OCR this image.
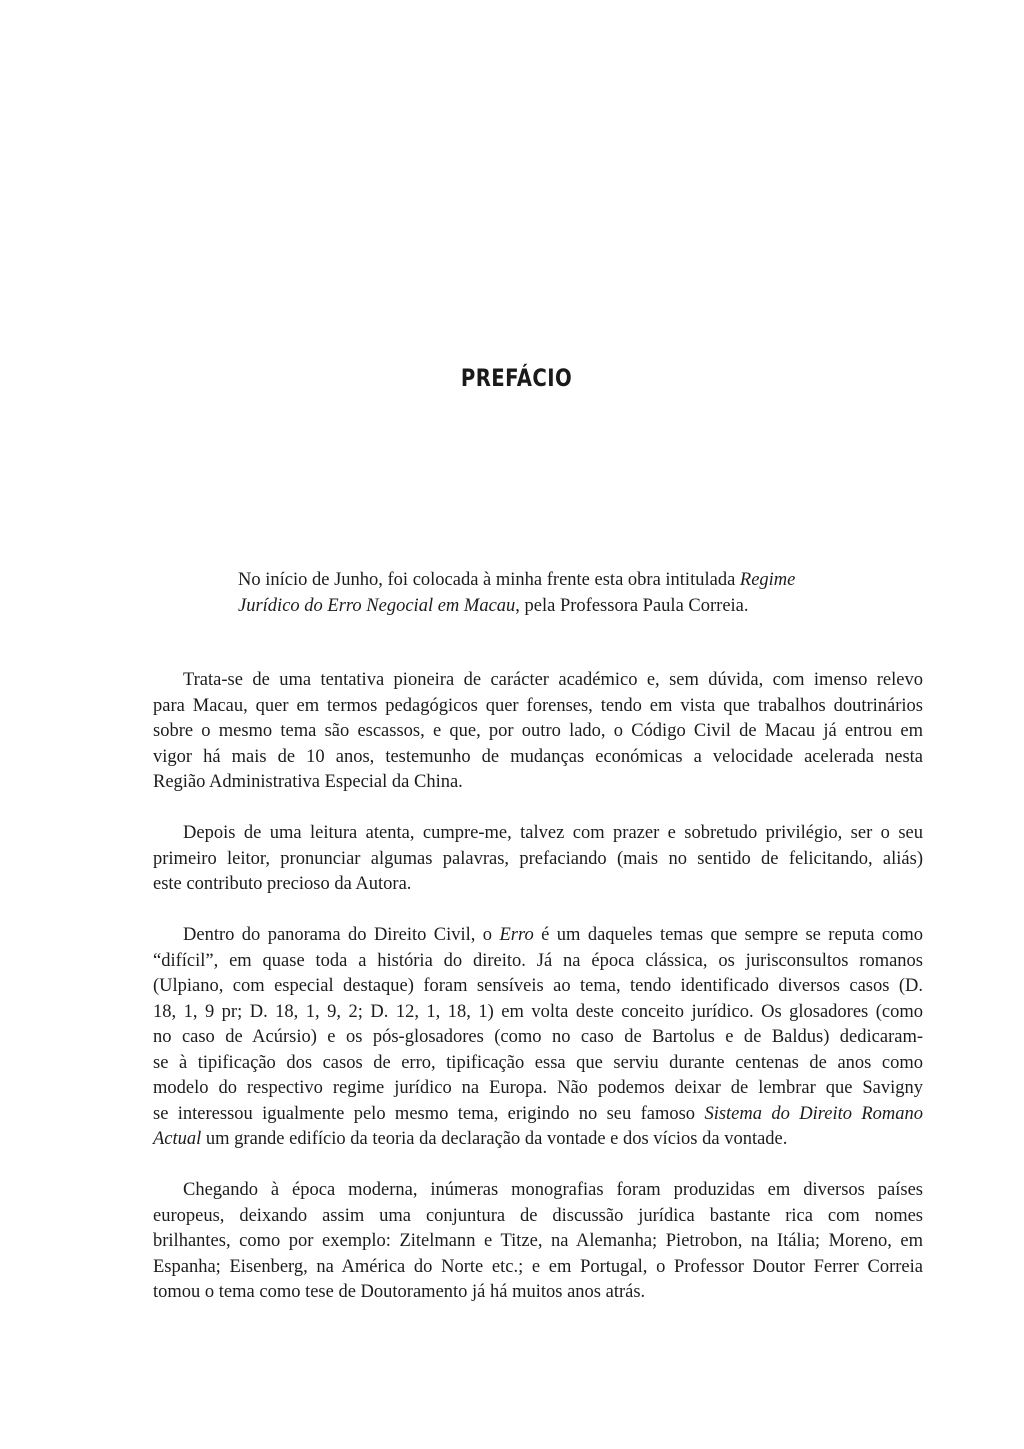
PREFÁCIO
No início de Junho, foi colocada à minha frente esta obra intitulada Regime
Jurídico do Erro Negocial em Macau, pela Professora Paula Correia.
Trata-se de uma tentativa pioneira de carácter académico e, sem dúvida, com imenso relevo
para Macau, quer em termos pedagógicos quer forenses, tendo em vista que trabalhos doutrinários
sobre o mesmo tema são escassos, e que, por outro lado, o Código Civil de Macau já entrou em
vigor há mais de 10 anos, testemunho de mudanças económicas a velocidade acelerada nesta
Região Administrativa Especial da China.
Depois de uma leitura atenta, cumpre-me, talvez com prazer e sobretudo privilégio, ser o seu
primeiro leitor, pronunciar algumas palavras, prefaciando (mais no sentido de felicitando, aliás)
este contributo precioso da Autora.
Dentro do panorama do Direito Civil, o Erro é um daqueles temas que sempre se reputa como
“difícil”, em quase toda a história do direito. Já na época clássica, os jurisconsultos romanos
(Ulpiano, com especial destaque) foram sensíveis ao tema, tendo identificado diversos casos (D.
18, 1, 9 pr; D. 18, 1, 9, 2; D. 12, 1, 18, 1) em volta deste conceito jurídico. Os glosadores (como
no caso de Acúrsio) e os pós-glosadores (como no caso de Bartolus e de Baldus) dedicaram-
se à tipificação dos casos de erro, tipificação essa que serviu durante centenas de anos como
modelo do respectivo regime jurídico na Europa. Não podemos deixar de lembrar que Savigny
se interessou igualmente pelo mesmo tema, erigindo no seu famoso Sistema do Direito Romano
Actual um grande edifício da teoria da declaração da vontade e dos vícios da vontade.
Chegando à época moderna, inúmeras monografias foram produzidas em diversos países
europeus, deixando assim uma conjuntura de discussão jurídica bastante rica com nomes
brilhantes, como por exemplo: Zitelmann e Titze, na Alemanha; Pietrobon, na Itália; Moreno, em
Espanha; Eisenberg, na América do Norte etc.; e em Portugal, o Professor Doutor Ferrer Correia
tomou o tema como tese de Doutoramento já há muitos anos atrás.
